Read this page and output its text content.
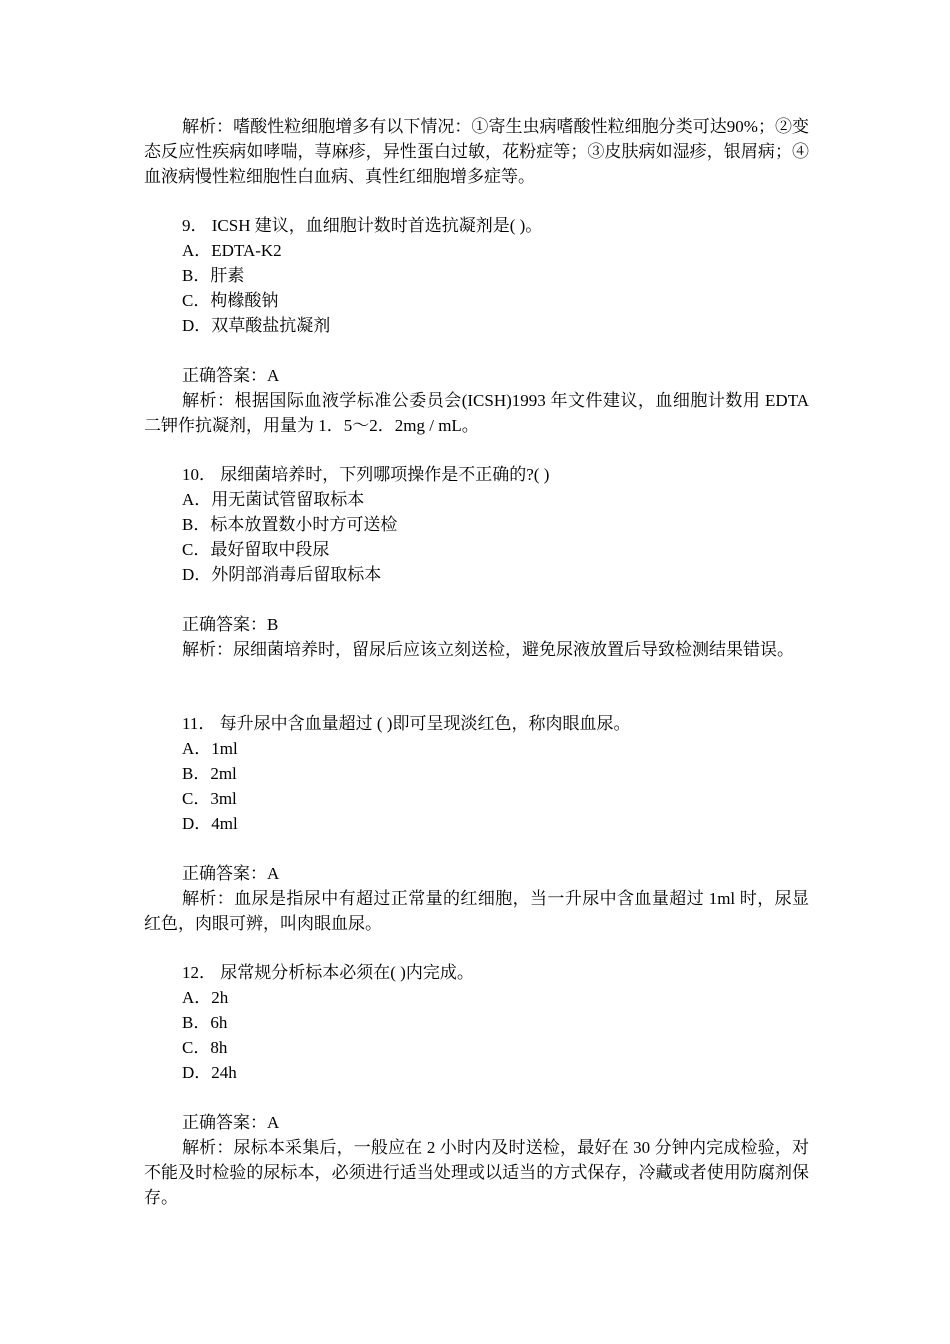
解析：嗜酸性粒细胞增多有以下情况：①寄生虫病嗜酸性粒细胞分类可达90%；②变态反应性疾病如哮喘，荨麻疹，异性蛋白过敏，花粉症等；③皮肤病如湿疹，银屑病；④血液病慢性粒细胞性白血病、真性红细胞增多症等。

9． ICSH 建议，血细胞计数时首选抗凝剂是( )。

A．EDTA-K2

B．肝素

C．枸橼酸钠

D．双草酸盐抗凝剂

正确答案：A

解析：根据国际血液学标准公委员会(ICSH)1993 年文件建议，血细胞计数用 EDTA 二钾作抗凝剂，用量为 1．5～2．2mg / mL。

10． 尿细菌培养时，下列哪项操作是不正确的?( )

A．用无菌试管留取标本

B．标本放置数小时方可送检

C．最好留取中段尿

D．外阴部消毒后留取标本

正确答案：B

解析：尿细菌培养时，留尿后应该立刻送检，避免尿液放置后导致检测结果错误。

11． 每升尿中含血量超过 ( )即可呈现淡红色，称肉眼血尿。

A．1ml

B．2ml

C．3ml

D．4ml

正确答案：A

解析：血尿是指尿中有超过正常量的红细胞，当一升尿中含血量超过 1ml 时，尿显红色，肉眼可辨，叫肉眼血尿。

12． 尿常规分析标本必须在( )内完成。

A．2h

B．6h

C．8h

D．24h

正确答案：A

解析：尿标本采集后，一般应在 2 小时内及时送检，最好在 30 分钟内完成检验，对不能及时检验的尿标本，必须进行适当处理或以适当的方式保存，冷藏或者使用防腐剂保存。
